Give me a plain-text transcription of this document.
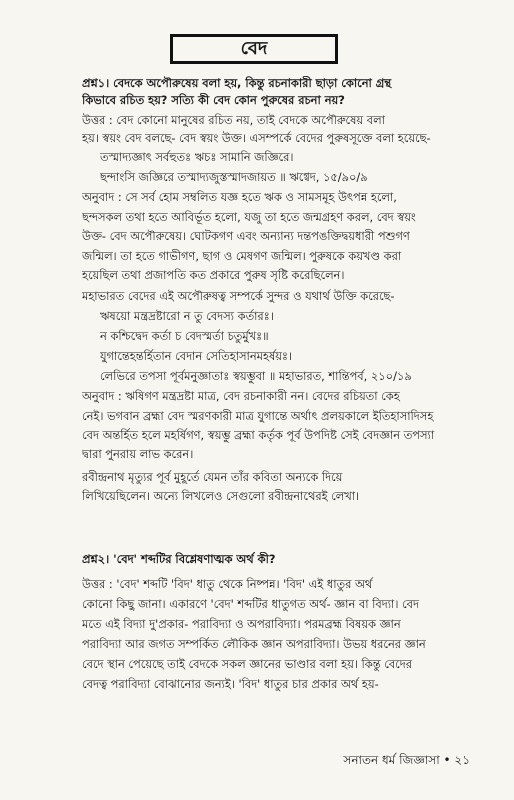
বেদ
প্রশ্ন১। বেদকে অপৌরুষেয় বলা হয়, কিন্তু রচনাকারী ছাড়া কোনো গ্রন্থ
কিভাবে রচিত হয়? সত্যি কী বেদ কোন পুরুষের রচনা নয়?
উত্তর : বেদ কোনো মানুষের রচিত নয়, তাই বেদকে অপৌরুষেয় বলা
হয়। স্বয়ং বেদ বলছে- বেদ স্বয়ং উক্ত। এসম্পর্কে বেদের পুরুষসূক্তে বলা হয়েছে-
তস্মাদ্যজ্ঞাৎ সর্বহুতঃ ঋচঃ সামানি জজ্ঞিরে।
ছন্দাংসি জজ্ঞিরে তস্মাদ্যজুস্তস্মাদজায়ত ॥ ঋগ্বেদ, ১৫/৯০/৯
অনুবাদ : সে সর্ব হোম সম্বলিত যজ্ঞ হতে ঋক ও সামসমূহ উৎপন্ন হলো,
ছন্দসকল তথা হতে আবির্ভূত হলো, যজু তা হতে জন্মগ্রহণ করল, বেদ স্বয়ং
উক্ত- বেদ অপৌরুষেয়। ঘোটকগণ এবং অন্যান্য দন্তপঙক্তিদ্বয়ধারী পশুগণ
জন্মিল। তা হতে গাভীগণ, ছাগ ও মেষগণ জন্মিল। পুরুষকে কয়খণ্ড করা
হয়েছিল তথা প্রজাপতি কত প্রকারে পুরুষ সৃষ্টি করেছিলেন।
মহাভারত বেদের এই অপৌরুষত্ব সম্পর্কে সুন্দর ও যথার্থ উক্তি করেছে-
ঋষয়ো মন্ত্রদ্রষ্টারো ন তু বেদস্য কর্তারঃ।
ন কশ্চিদ্বেদ কর্তা চ বেদস্মর্তা চতুর্মুখঃ॥
যুগান্তেহন্তর্হিতান বেদান সেতিহাসানমহর্ষয়ঃ।
লেভিরে তপসা পূর্বমনুজ্ঞাতাঃ স্বয়ম্ভুবা ॥ মহাভারত, শান্তিপর্ব, ২১০/১৯
অনুবাদ : ঋষিগণ মন্ত্রদ্রষ্টা মাত্র, বেদ রচনাকারী নন। বেদের রচিয়তা কেহ
নেই। ভগবান ব্রহ্মা বেদ স্মরণকারী মাত্র যুগান্তে অর্থাৎ প্রলয়কালে ইতিহাসাদিসহ
বেদ অন্তর্হিত হলে মহর্ষিগণ, স্বয়ম্ভু ব্রহ্মা কর্তৃক পূর্ব উপদিষ্ট সেই বেদজ্ঞান তপস্যা
দ্বারা পুনরায় লাভ করেন।
রবীন্দ্রনাথ মৃত্যুর পূর্ব মুহূর্তে যেমন তাঁর কবিতা অন্যকে দিয়ে
লিখিয়েছিলেন। অন্যে লিখলেও সেগুলো রবীন্দ্রনাথেরই লেখা।
প্রশ্ন২। 'বেদ' শব্দটির বিশ্লেষণাত্মক অর্থ কী?
উত্তর : 'বেদ' শব্দটি 'বিদ' ধাতু থেকে নিষ্পন্ন। 'বিদ' এই ধাতুর অর্থ
কোনো কিছু জানা। একারণে 'বেদ' শব্দটির ধাতুগত অর্থ- জ্ঞান বা বিদ্যা। বেদ
মতে এই বিদ্যা দু'প্রকার- পরাবিদ্যা ও অপরাবিদ্যা। পরমব্রহ্ম বিষয়ক জ্ঞান
পরাবিদ্যা আর জগত সম্পর্কিত লৌকিক জ্ঞান অপরাবিদ্যা। উভয় ধরনের জ্ঞান
বেদে স্থান পেয়েছে তাই বেদকে সকল জ্ঞানের ভাণ্ডার বলা হয়। কিন্তু বেদের
বেদত্ব পরাবিদ্যা বোঝানোর জন্যই। 'বিদ' ধাতুর চার প্রকার অর্থ হয়-
সনাতন ধর্ম জিজ্ঞাসা • ২১
